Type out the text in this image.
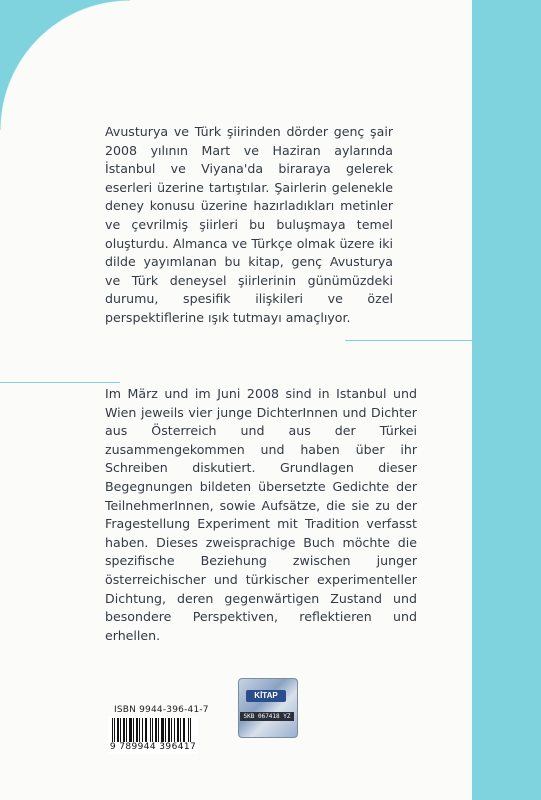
Avusturya ve Türk şiirinden dörder genç şair 2008 yılının Mart ve Haziran aylarında İstanbul ve Viyana'da biraraya gelerek eserleri üzerine tartıştılar. Şairlerin gelenekle deney konusu üzerine hazırladıkları metinler ve çevrilmiş şiirleri bu buluşmaya temel oluşturdu. Almanca ve Türkçe olmak üzere iki dilde yayımlanan bu kitap, genç Avusturya ve Türk deneysel şiirlerinin günümüzdeki durumu, spesifik ilişkileri ve özel perspektiflerine ışık tutmayı amaçlıyor.

Im März und im Juni 2008 sind in Istanbul und Wien jeweils vier junge DichterInnen und Dichter aus Österreich und aus der Türkei zusammengekommen und haben über ihr Schreiben diskutiert. Grundlagen dieser Begegnungen bildeten übersetzte Gedichte der TeilnehmerInnen, sowie Aufsätze, die sie zu der Fragestellung Experiment mit Tradition verfasst haben. Dieses zweisprachige Buch möchte die spezifische Beziehung zwischen junger österreichischer und türkischer experimenteller Dichtung, deren gegenwärtigen Zustand und besondere Perspektiven, reflektieren und erhellen.

ISBN 9944-396-41-7
9 789944 396417
KİTAP
SKB 067418 YZ
